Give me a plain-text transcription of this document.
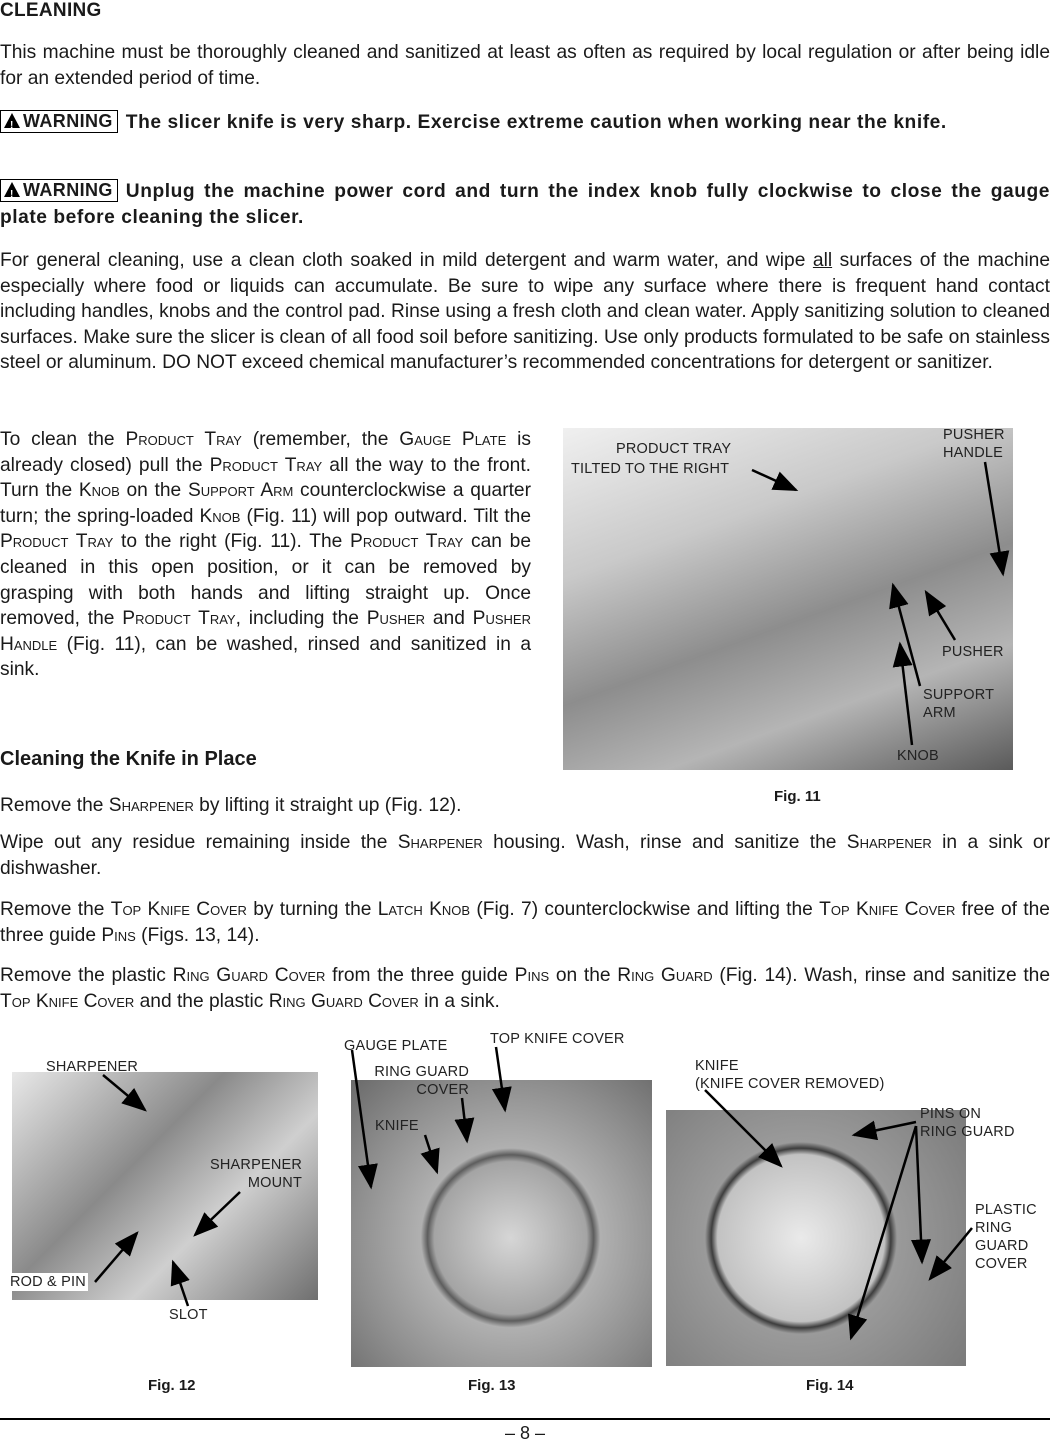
CLEANING

This machine must be thoroughly cleaned and sanitized at least as often as required by local regulation or after being idle for an extended period of time.

!WARNING The slicer knife is very sharp. Exercise extreme caution when working near the knife.

!WARNING Unplug the machine power cord and turn the index knob fully clockwise to close the gauge plate before cleaning the slicer.

For general cleaning, use a clean cloth soaked in mild detergent and warm water, and wipe all surfaces of the machine especially where food or liquids can accumulate. Be sure to wipe any surface where there is frequent hand contact including handles, knobs and the control pad. Rinse using a fresh cloth and clean water. Apply sanitizing solution to cleaned surfaces. Make sure the slicer is clean of all food soil before sanitizing. Use only products formulated to be safe on stainless steel or aluminum. DO NOT exceed chemical manufacturer’s recommended concentrations for detergent or sanitizer.

To clean the Product Tray (remember, the Gauge Plate is already closed) pull the Product Tray all the way to the front. Turn the Knob on the Support Arm counterclockwise a quarter turn; the spring-loaded Knob (Fig. 11) will pop outward. Tilt the Product Tray to the right (Fig. 11). The Product Tray can be cleaned in this open position, or it can be removed by grasping with both hands and lifting straight up. Once removed, the Product Tray, including the Pusher and Pusher Handle (Fig. 11), can be washed, rinsed and sanitized in a sink.

PRODUCT TRAY
TILTED TO THE RIGHT
PUSHER
HANDLE
PUSHER
SUPPORT
ARM
KNOB
Fig. 11
Cleaning the Knife in Place

Remove the Sharpener by lifting it straight up (Fig. 12).

Wipe out any residue remaining inside the Sharpener housing. Wash, rinse and sanitize the Sharpener in a sink or dishwasher.

Remove the Top Knife Cover by turning the Latch Knob (Fig. 7) counterclockwise and lifting the Top Knife Cover free of the three guide Pins (Figs. 13, 14).

Remove the plastic Ring Guard Cover from the three guide Pins on the Ring Guard (Fig. 14). Wash, rinse and sanitize the Top Knife Cover and the plastic Ring Guard Cover in a sink.

SHARPENER
SHARPENER
MOUNT
ROD & PIN
SLOT
Fig. 12
GAUGE PLATE	TOP KNIFE COVER
RING GUARD
COVER
KNIFE
Fig. 13
KNIFE
(KNIFE COVER REMOVED)
PINS ON
RING GUARD
PLASTIC
RING
GUARD
COVER
Fig. 14
– 8 –
